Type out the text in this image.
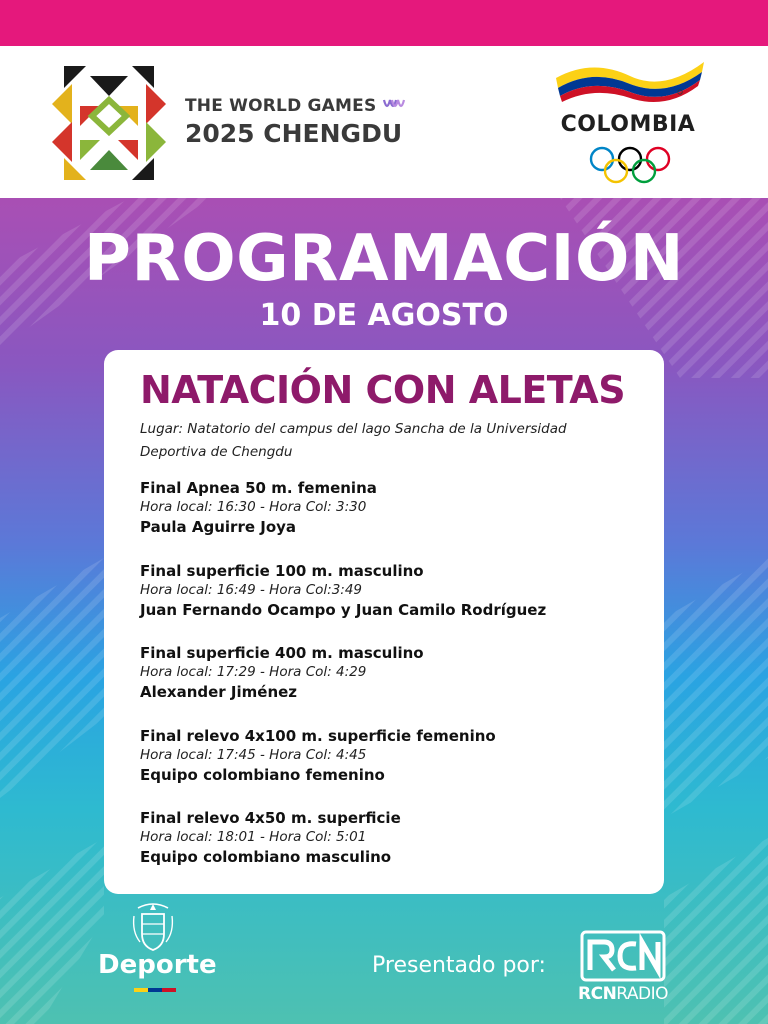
THE WORLD GAMES
2025 CHENGDU	COLOMBIA
PROGRAMACIÓN
10 DE AGOSTO
NATACIÓN CON ALETAS
Lugar: Natatorio del campus del lago Sancha de la Universidad Deportiva de Chengdu
Final Apnea 50 m. femenina
Hora local: 16:30 - Hora Col: 3:30
Paula Aguirre Joya
Final superficie 100 m. masculino
Hora local: 16:49 - Hora Col:3:49
Juan Fernando Ocampo y Juan Camilo Rodríguez
Final superficie 400 m. masculino
Hora local: 17:29 - Hora Col: 4:29
Alexander Jiménez
Final relevo 4x100 m. superficie femenino
Hora local: 17:45 - Hora Col: 4:45
Equipo colombiano femenino
Final relevo 4x50 m. superficie
Hora local: 18:01 - Hora Col: 5:01
Equipo colombiano masculino
Deporte	Presentado por:
RCNRADIO
